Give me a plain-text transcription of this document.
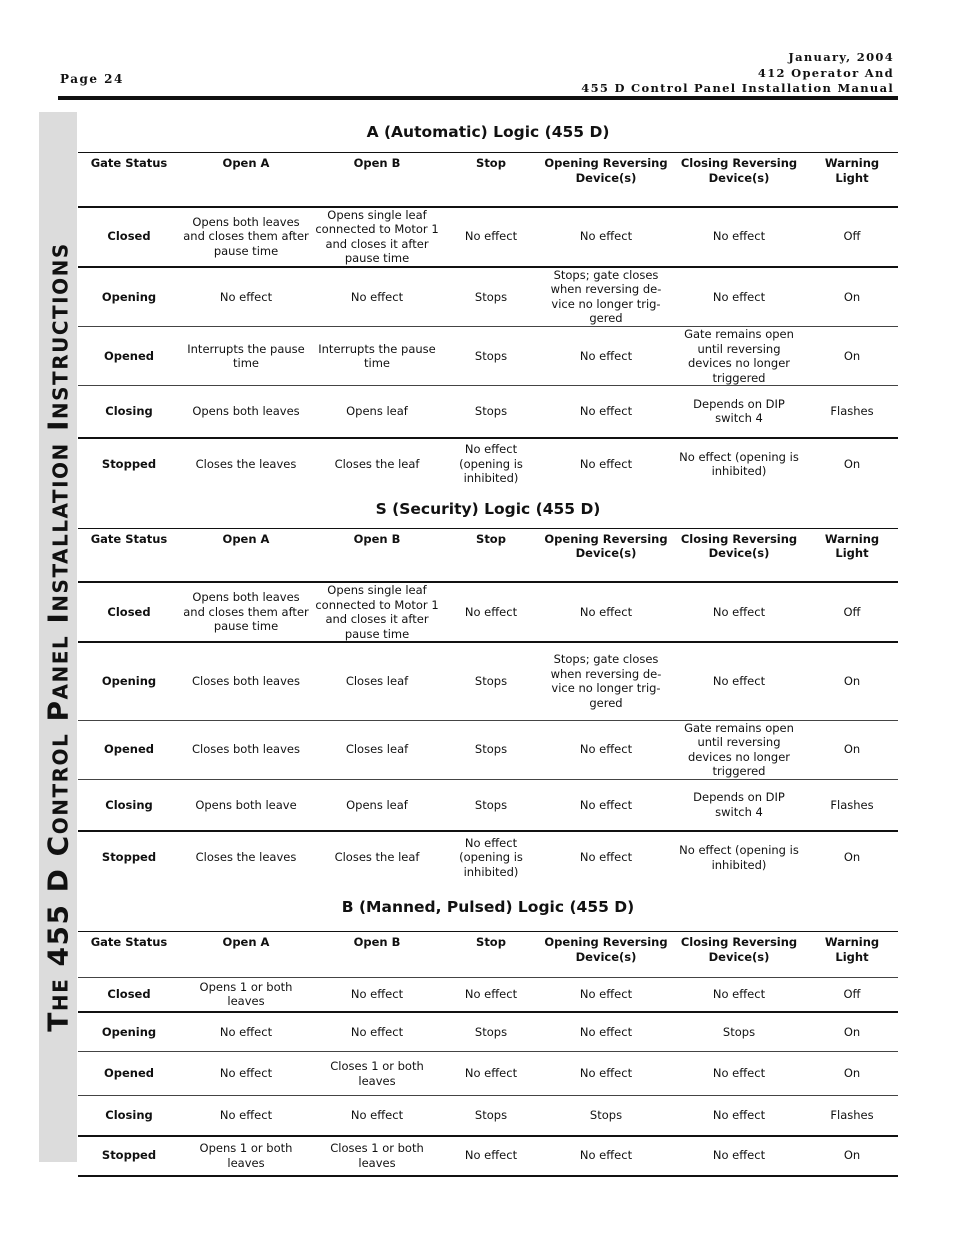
Page 24
January, 2004
412 Operator And
455 D Control Panel Installation Manual
The 455 D Control Panel Installation Instructions
A (Automatic) Logic (455 D)
Gate Status	Open A	Open B	Stop	Opening Reversing Device(s)	Closing Reversing Device(s)	Warning Light
Closed	Opens both leaves and closes them after pause time	Opens single leaf connected to Motor 1 and closes it after pause time	No effect	No effect	No effect	Off
Opening	No effect	No effect	Stops	Stops; gate closes when reversing de-vice no longer trig-gered	No effect	On
Opened	Interrupts the pause time	Interrupts the pause time	Stops	No effect	Gate remains open until reversing devices no longer triggered	On
Closing	Opens both leaves	Opens leaf	Stops	No effect	Depends on DIP switch 4	Flashes
Stopped	Closes the leaves	Closes the leaf	No effect (opening is inhibited)	No effect	No effect (opening is inhibited)	On
S (Security) Logic (455 D)
Gate Status	Open A	Open B	Stop	Opening Reversing Device(s)	Closing Reversing Device(s)	Warning Light
Closed	Opens both leaves and closes them after pause time	Opens single leaf connected to Motor 1 and closes it after pause time	No effect	No effect	No effect	Off
Opening	Closes both leaves	Closes leaf	Stops	Stops; gate closes when reversing de-vice no longer trig-gered	No effect	On
Opened	Closes both leaves	Closes leaf	Stops	No effect	Gate remains open until reversing devices no longer triggered	On
Closing	Opens both leave	Opens leaf	Stops	No effect	Depends on DIP switch 4	Flashes
Stopped	Closes the leaves	Closes the leaf	No effect (opening is inhibited)	No effect	No effect (opening is inhibited)	On
B (Manned, Pulsed) Logic (455 D)
Gate Status	Open A	Open B	Stop	Opening Reversing Device(s)	Closing Reversing Device(s)	Warning Light
Closed	Opens 1 or both leaves	No effect	No effect	No effect	No effect	Off
Opening	No effect	No effect	Stops	No effect	Stops	On
Opened	No effect	Closes 1 or both leaves	No effect	No effect	No effect	On
Closing	No effect	No effect	Stops	Stops	No effect	Flashes
Stopped	Opens 1 or both leaves	Closes 1 or both leaves	No effect	No effect	No effect	On
